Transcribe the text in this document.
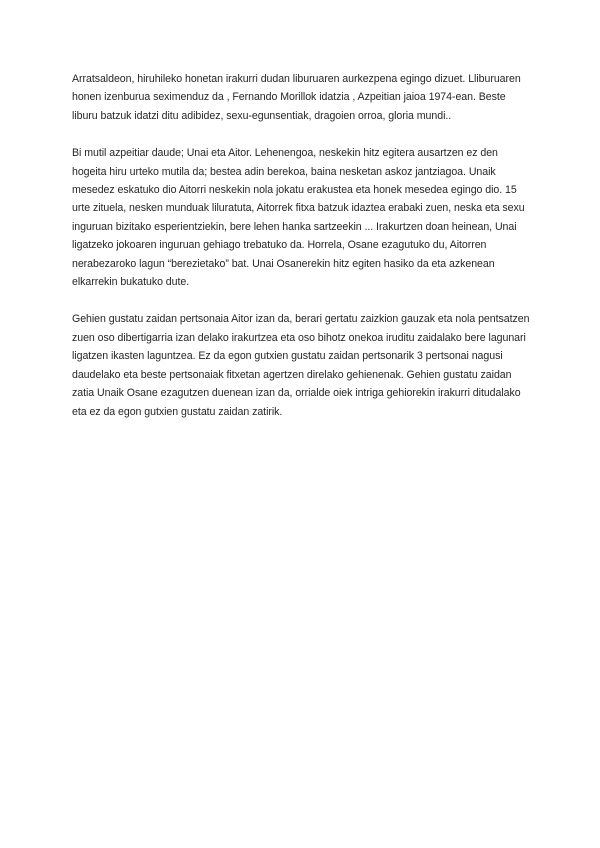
Arratsaldeon, hiruhileko honetan irakurri dudan liburuaren aurkezpena egingo dizuet. Lliburuaren honen izenburua seximenduz da , Fernando Morillok idatzia , Azpeitian jaioa 1974-ean. Beste liburu batzuk idatzi ditu adibidez, sexu-egunsentiak, dragoien orroa, gloria mundi..

Bi mutil azpeitiar daude; Unai eta Aitor. Lehenengoa, neskekin hitz egitera ausartzen ez den hogeita hiru urteko mutila da; bestea adin berekoa, baina nesketan askoz jantziagoa. Unaik mesedez eskatuko dio Aitorri neskekin nola jokatu erakustea eta honek mesedea egingo dio. 15 urte zituela, nesken munduak liluratuta, Aitorrek fitxa batzuk idaztea erabaki zuen, neska eta sexu inguruan bizitako esperientziekin, bere lehen hanka sartzeekin ... Irakurtzen doan heinean, Unai ligatzeko jokoaren inguruan gehiago trebatuko da. Horrela, Osane ezagutuko du, Aitorren nerabezaroko lagun “berezietako” bat. Unai Osanerekin hitz egiten hasiko da eta azkenean elkarrekin bukatuko dute.

Gehien gustatu zaidan pertsonaia Aitor izan da, berari gertatu zaizkion gauzak eta nola pentsatzen zuen oso dibertigarria izan delako irakurtzea eta oso bihotz onekoa iruditu zaidalako bere lagunari ligatzen ikasten laguntzea. Ez da egon gutxien gustatu zaidan pertsonarik 3 pertsonai nagusi daudelako eta beste pertsonaiak fitxetan agertzen direlako gehienenak. Gehien gustatu zaidan zatia Unaik Osane ezagutzen duenean izan da, orrialde oiek intriga gehiorekin irakurri ditudalako eta ez da egon gutxien gustatu zaidan zatirik.
